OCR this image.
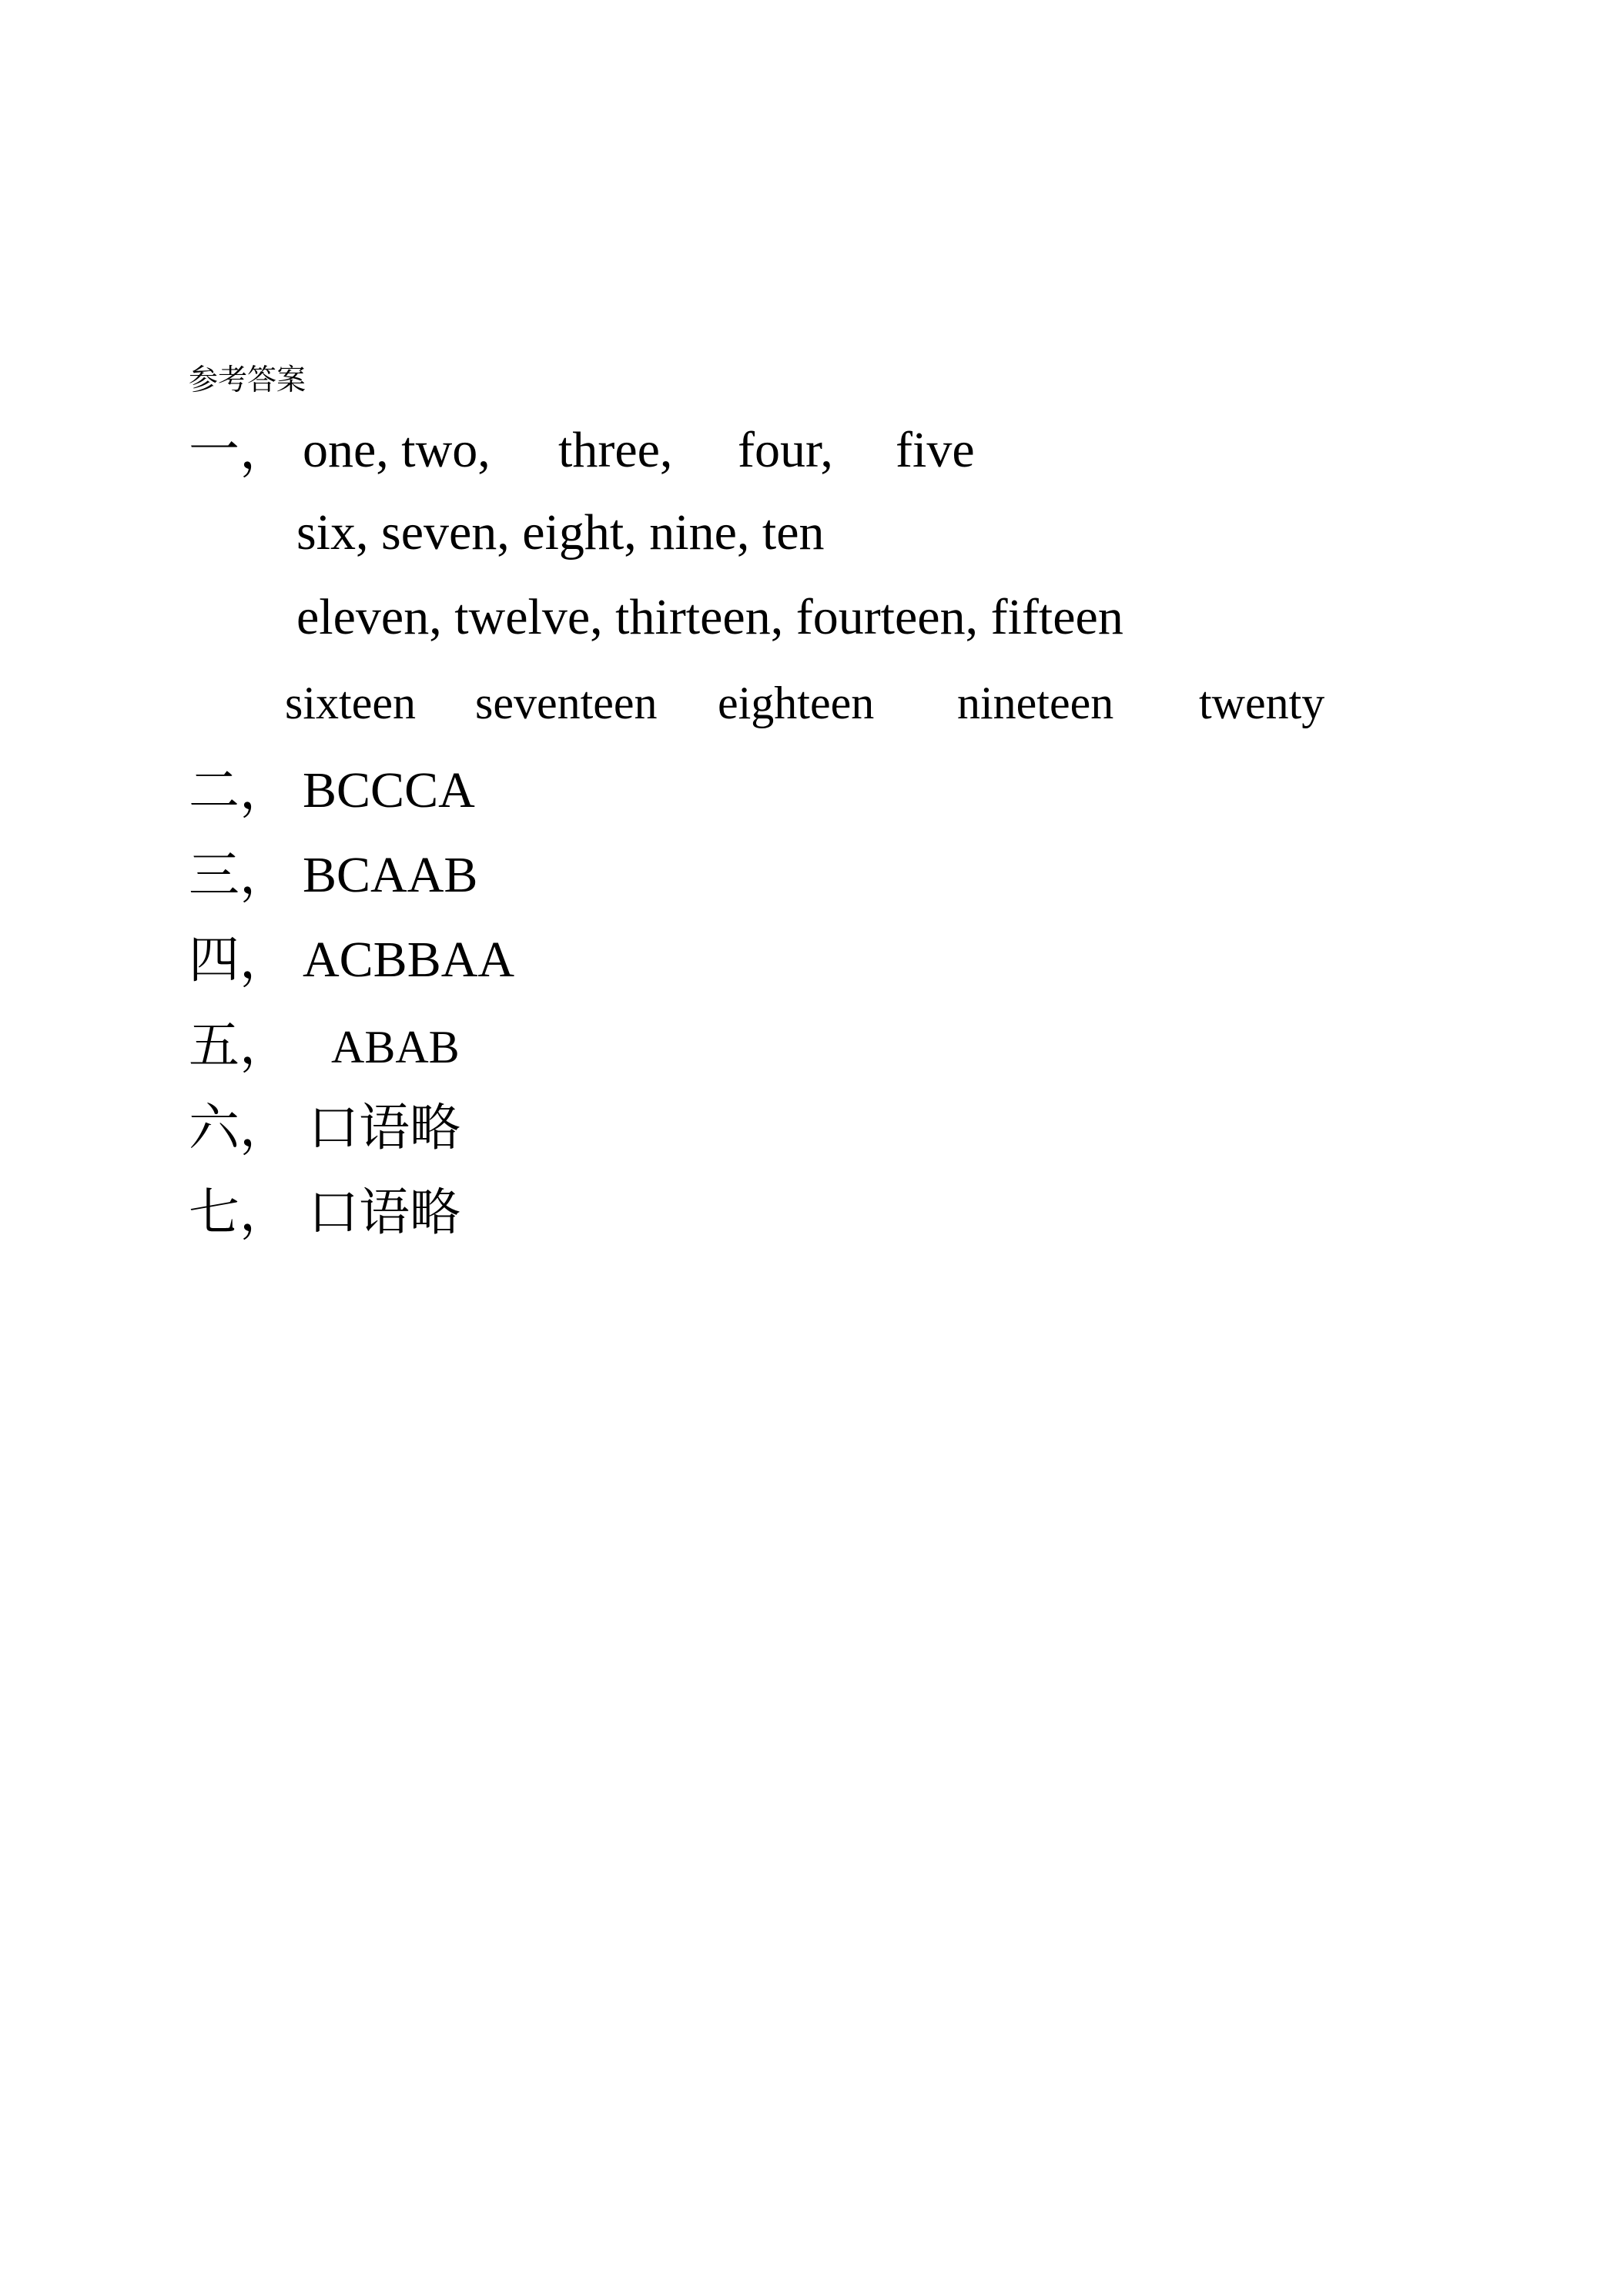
参考答案
一， one, two, three, four, five
six, seven, eight, nine, ten
eleven, twelve, thirteen, fourteen, fifteen
sixteen seventeen eighteen nineteen twenty
二， BCCCA
三， BCAAB
四， ACBBAA
五， ABAB
六， 口语略
七， 口语略
